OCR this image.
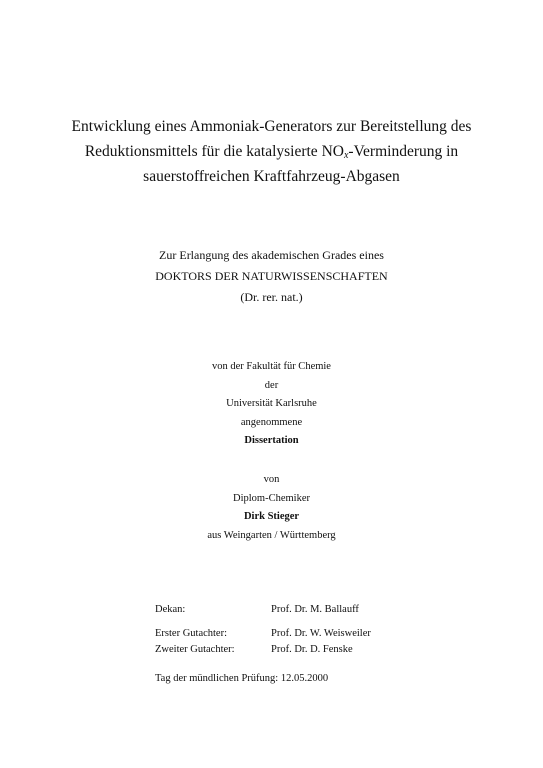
Entwicklung eines Ammoniak-Generators zur Bereitstellung des
Reduktionsmittels für die katalysierte $NO_x$-Verminderung in
sauerstoffreichen Kraftfahrzeug-Abgasen
Zur Erlangung des akademischen Grades eines
DOKTORS DER NATURWISSENSCHAFTEN
(Dr. rer. nat.)
von der Fakultät für Chemie
der
Universität Karlsruhe
angenommene
Dissertation
von
Diplom-Chemiker
Dirk Stieger
aus Weingarten / Württemberg
Dekan:	Prof. Dr. M. Ballauff
Erster Gutachter:	Prof. Dr. W. Weisweiler
Zweiter Gutachter:	Prof. Dr. D. Fenske
Tag der mündlichen Prüfung: 12.05.2000
